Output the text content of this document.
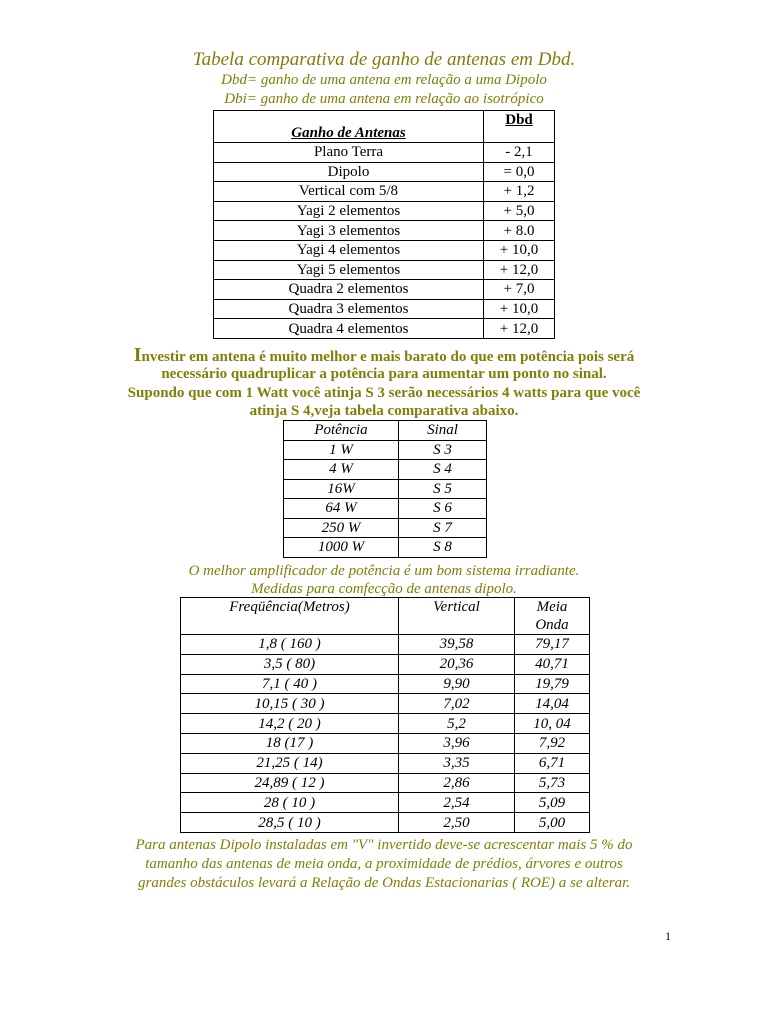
Tabela comparativa de ganho de antenas em Dbd.
Dbd= ganho de uma antena em relação a uma Dipolo
Dbi= ganho de uma antena em relação ao isotrópico
Ganho de Antenas	Dbd
Plano Terra	- 2,1
Dipolo	= 0,0
Vertical com 5/8	+ 1,2
Yagi 2 elementos	+ 5,0
Yagi 3 elementos	+ 8.0
Yagi 4 elementos	+ 10,0
Yagi 5 elementos	+ 12,0
Quadra 2 elementos	+ 7,0
Quadra 3 elementos	+ 10,0
Quadra 4 elementos	+ 12,0
Investir em antena é muito melhor e mais barato do que em potência pois será
necessário quadruplicar a potência para aumentar um ponto no sinal.
Supondo que com 1 Watt você atinja S 3 serão necessários 4 watts para que você
atinja S 4,veja tabela comparativa abaixo.
Potência	Sinal
1 W	S 3
4 W	S 4
16W	S 5
64 W	S 6
250 W	S 7
1000 W	S 8
O melhor amplificador de potência é um bom sistema irradiante.
Medidas para comfecção de antenas dipolo.
Freqüência(Metros)	Vertical	Meia
Onda
1,8 ( 160 )	39,58	79,17
3,5 ( 80)	20,36	40,71
7,1 ( 40 )	9,90	19,79
10,15 ( 30 )	7,02	14,04
14,2 ( 20 )	5,2	10, 04
18 (17 )	3,96	7,92
21,25 ( 14)	3,35	6,71
24,89 ( 12 )	2,86	5,73
28 ( 10 )	2,54	5,09
28,5 ( 10 )	2,50	5,00
Para antenas Dipolo instaladas em "V" invertido deve-se acrescentar mais 5 % do
tamanho das antenas de meia onda, a proximidade de prédios, árvores e outros
grandes obstáculos levará a Relação de Ondas Estacionarias ( ROE) a se alterar.
1
